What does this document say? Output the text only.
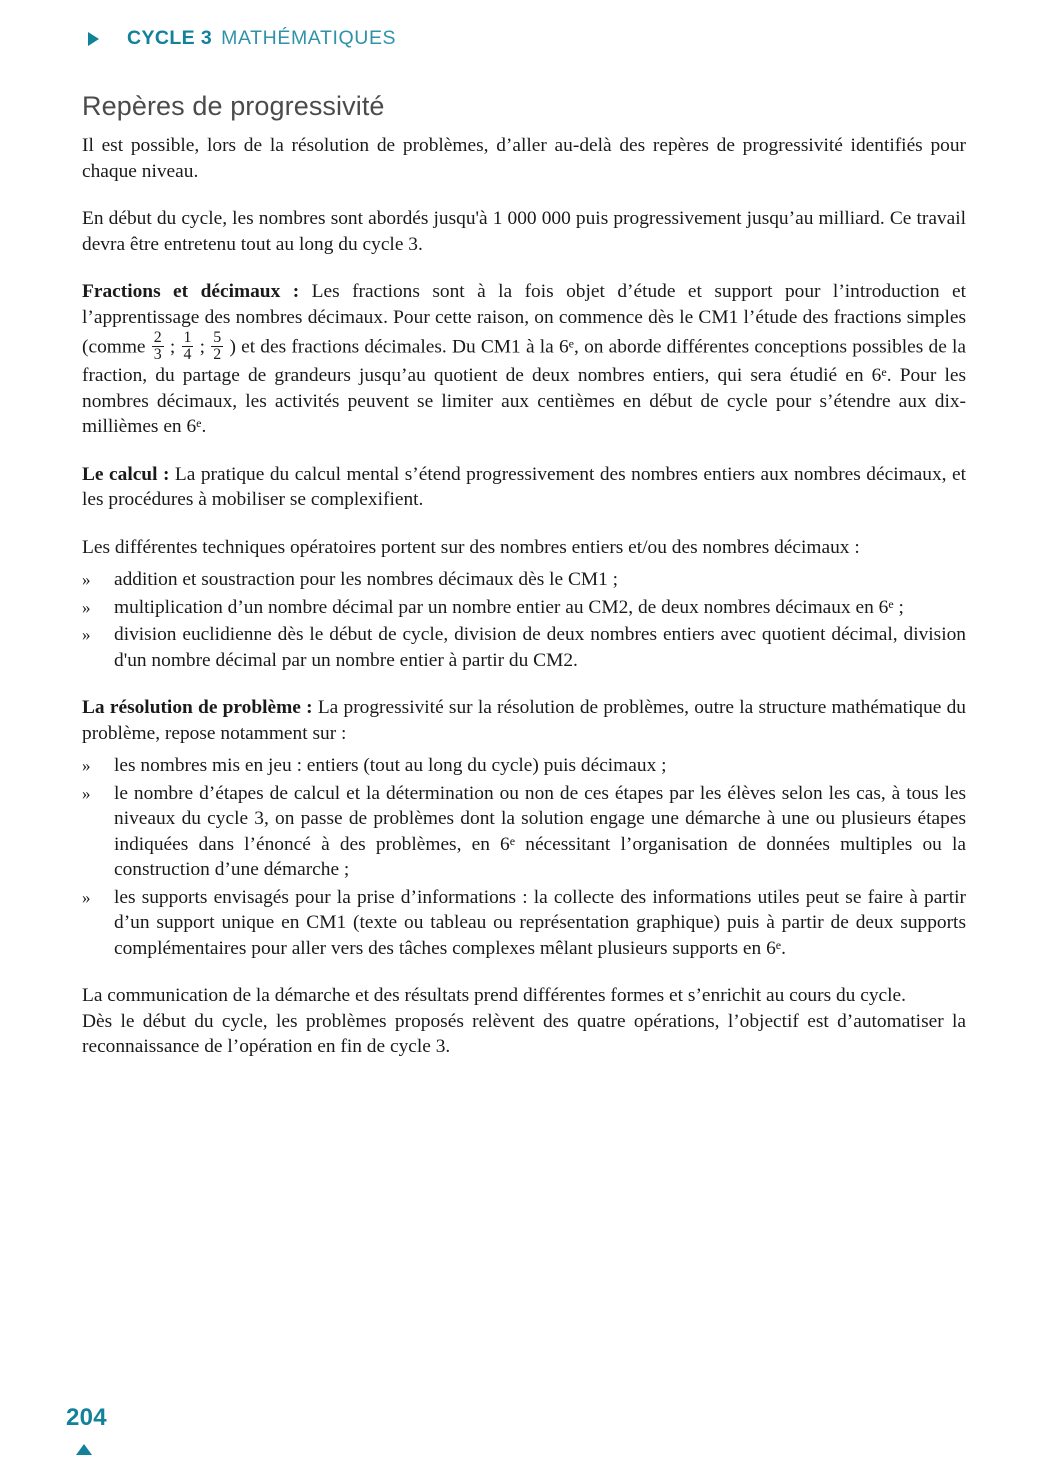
CYCLE 3 MATHÉMATIQUES
Repères de progressivité

Il est possible, lors de la résolution de problèmes, d’aller au-delà des repères de progressivité identifiés pour chaque niveau.

En début du cycle, les nombres sont abordés jusqu'à 1 000 000 puis progressivement jusqu’au milliard. Ce travail devra être entretenu tout au long du cycle 3.

Fractions et décimaux : Les fractions sont à la fois objet d’étude et support pour l’introduction et l’apprentissage des nombres décimaux. Pour cette raison, on commence dès le CM1 l’étude des fractions simples (comme $\frac{2}{3}$ ; $\frac{1}{4}$ ; $\frac{5}{2}$ ) et des fractions décimales. Du CM1 à la 6e, on aborde différentes conceptions possibles de la fraction, du partage de grandeurs jusqu’au quotient de deux nombres entiers, qui sera étudié en 6e. Pour les nombres décimaux, les activités peuvent se limiter aux centièmes en début de cycle pour s’étendre aux dix-millièmes en 6e.

Le calcul : La pratique du calcul mental s’étend progressivement des nombres entiers aux nombres décimaux, et les procédures à mobiliser se complexifient.

Les différentes techniques opératoires portent sur des nombres entiers et/ou des nombres décimaux :

» addition et soustraction pour les nombres décimaux dès le CM1 ;
» multiplication d’un nombre décimal par un nombre entier au CM2, de deux nombres décimaux en 6e ;
» division euclidienne dès le début de cycle, division de deux nombres entiers avec quotient décimal, division d'un nombre décimal par un nombre entier à partir du CM2.

La résolution de problème : La progressivité sur la résolution de problèmes, outre la structure mathématique du problème, repose notamment sur :

» les nombres mis en jeu : entiers (tout au long du cycle) puis décimaux ;
» le nombre d’étapes de calcul et la détermination ou non de ces étapes par les élèves selon les cas, à tous les niveaux du cycle 3, on passe de problèmes dont la solution engage une démarche à une ou plusieurs étapes indiquées dans l’énoncé à des problèmes, en 6e nécessitant l’organisation de données multiples ou la construction d’une démarche ;
» les supports envisagés pour la prise d’informations : la collecte des informations utiles peut se faire à partir d’un support unique en CM1 (texte ou tableau ou représentation graphique) puis à partir de deux supports complémentaires pour aller vers des tâches complexes mêlant plusieurs supports en 6e.

La communication de la démarche et des résultats prend différentes formes et s’enrichit au cours du cycle.

Dès le début du cycle, les problèmes proposés relèvent des quatre opérations, l’objectif est d’automatiser la reconnaissance de l’opération en fin de cycle 3.

204
